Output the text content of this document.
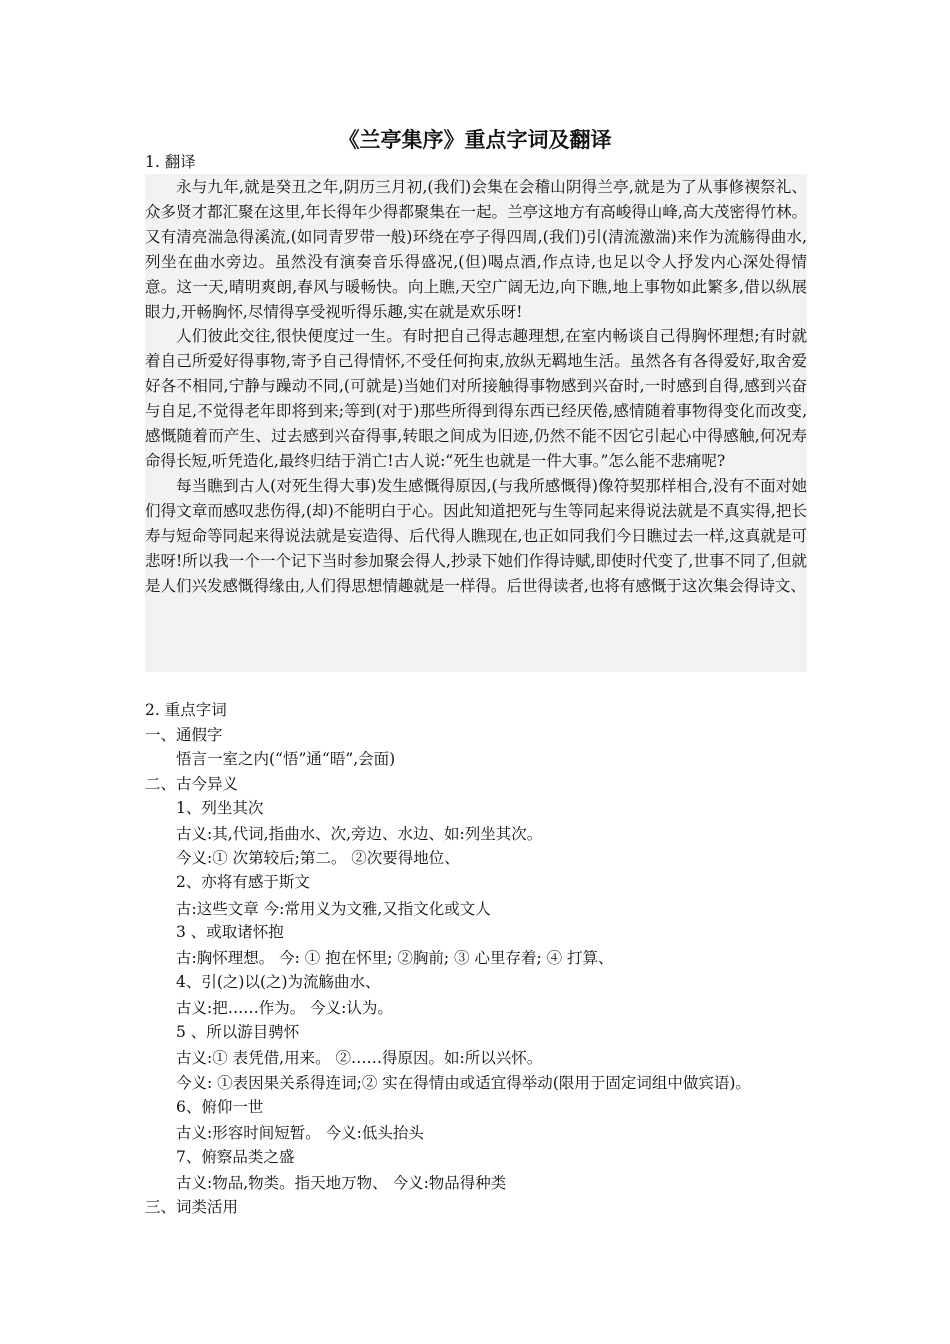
《兰亭集序》重点字词及翻译
1. 翻译

永与九年,就是癸丑之年,阴历三月初,(我们)会集在会稽山阴得兰亭,就是为了从事修禊祭礼、众多贤才都汇聚在这里,年长得年少得都聚集在一起。兰亭这地方有高峻得山峰,高大茂密得竹林。又有清亮湍急得溪流,(如同青罗带一般)环绕在亭子得四周,(我们)引(清流激湍)来作为流觞得曲水,列坐在曲水旁边。虽然没有演奏音乐得盛况,(但)喝点酒,作点诗,也足以令人抒发内心深处得情意。这一天,晴明爽朗,春风与暖畅快。向上瞧,天空广阔无边,向下瞧,地上事物如此繁多,借以纵展眼力,开畅胸怀,尽情得享受视听得乐趣,实在就是欢乐呀!

人们彼此交往,很快便度过一生。有时把自己得志趣理想,在室内畅谈自己得胸怀理想;有时就着自己所爱好得事物,寄予自己得情怀,不受任何拘束,放纵无羁地生活。虽然各有各得爱好,取舍爱好各不相同,宁静与躁动不同,(可就是)当她们对所接触得事物感到兴奋时,一时感到自得,感到兴奋与自足,不觉得老年即将到来;等到(对于)那些所得到得东西已经厌倦,感情随着事物得变化而改变,感慨随着而产生、过去感到兴奋得事,转眼之间成为旧迹,仍然不能不因它引起心中得感触,何况寿命得长短,听凭造化,最终归结于消亡!古人说:“死生也就是一件大事。”怎么能不悲痛呢?

每当瞧到古人(对死生得大事)发生感慨得原因,(与我所感慨得)像符契那样相合,没有不面对她们得文章而感叹悲伤得,(却)不能明白于心。因此知道把死与生等同起来得说法就是不真实得,把长寿与短命等同起来得说法就是妄造得、后代得人瞧现在,也正如同我们今日瞧过去一样,这真就是可悲呀!所以我一个一个记下当时参加聚会得人,抄录下她们作得诗赋,即使时代变了,世事不同了,但就是人们兴发感慨得缘由,人们得思想情趣就是一样得。后世得读者,也将有感慨于这次集会得诗文、

2. 重点字词
一、通假字
悟言一室之内(“悟”通“晤”,会面)
二、古今异义
1、列坐其次
古义:其,代词,指曲水、次,旁边、水边、如:列坐其次。
今义:① 次第较后;第二。 ②次要得地位、
2、亦将有感于斯文
古:这些文章 今:常用义为文雅,又指文化或文人
3 、或取诸怀抱
古:胸怀理想。 今: ① 抱在怀里; ②胸前; ③ 心里存着; ④ 打算、
4、引(之)以(之)为流觞曲水、
古义:把……作为。 今义:认为。
5 、所以游目骋怀
古义:① 表凭借,用来。 ②……得原因。如:所以兴怀。
今义: ①表因果关系得连词;② 实在得情由或适宜得举动(限用于固定词组中做宾语)。
6、俯仰一世
古义:形容时间短暂。 今义:低头抬头
7、俯察品类之盛
古义:物品,物类。指天地万物、 今义:物品得种类
三、词类活用
